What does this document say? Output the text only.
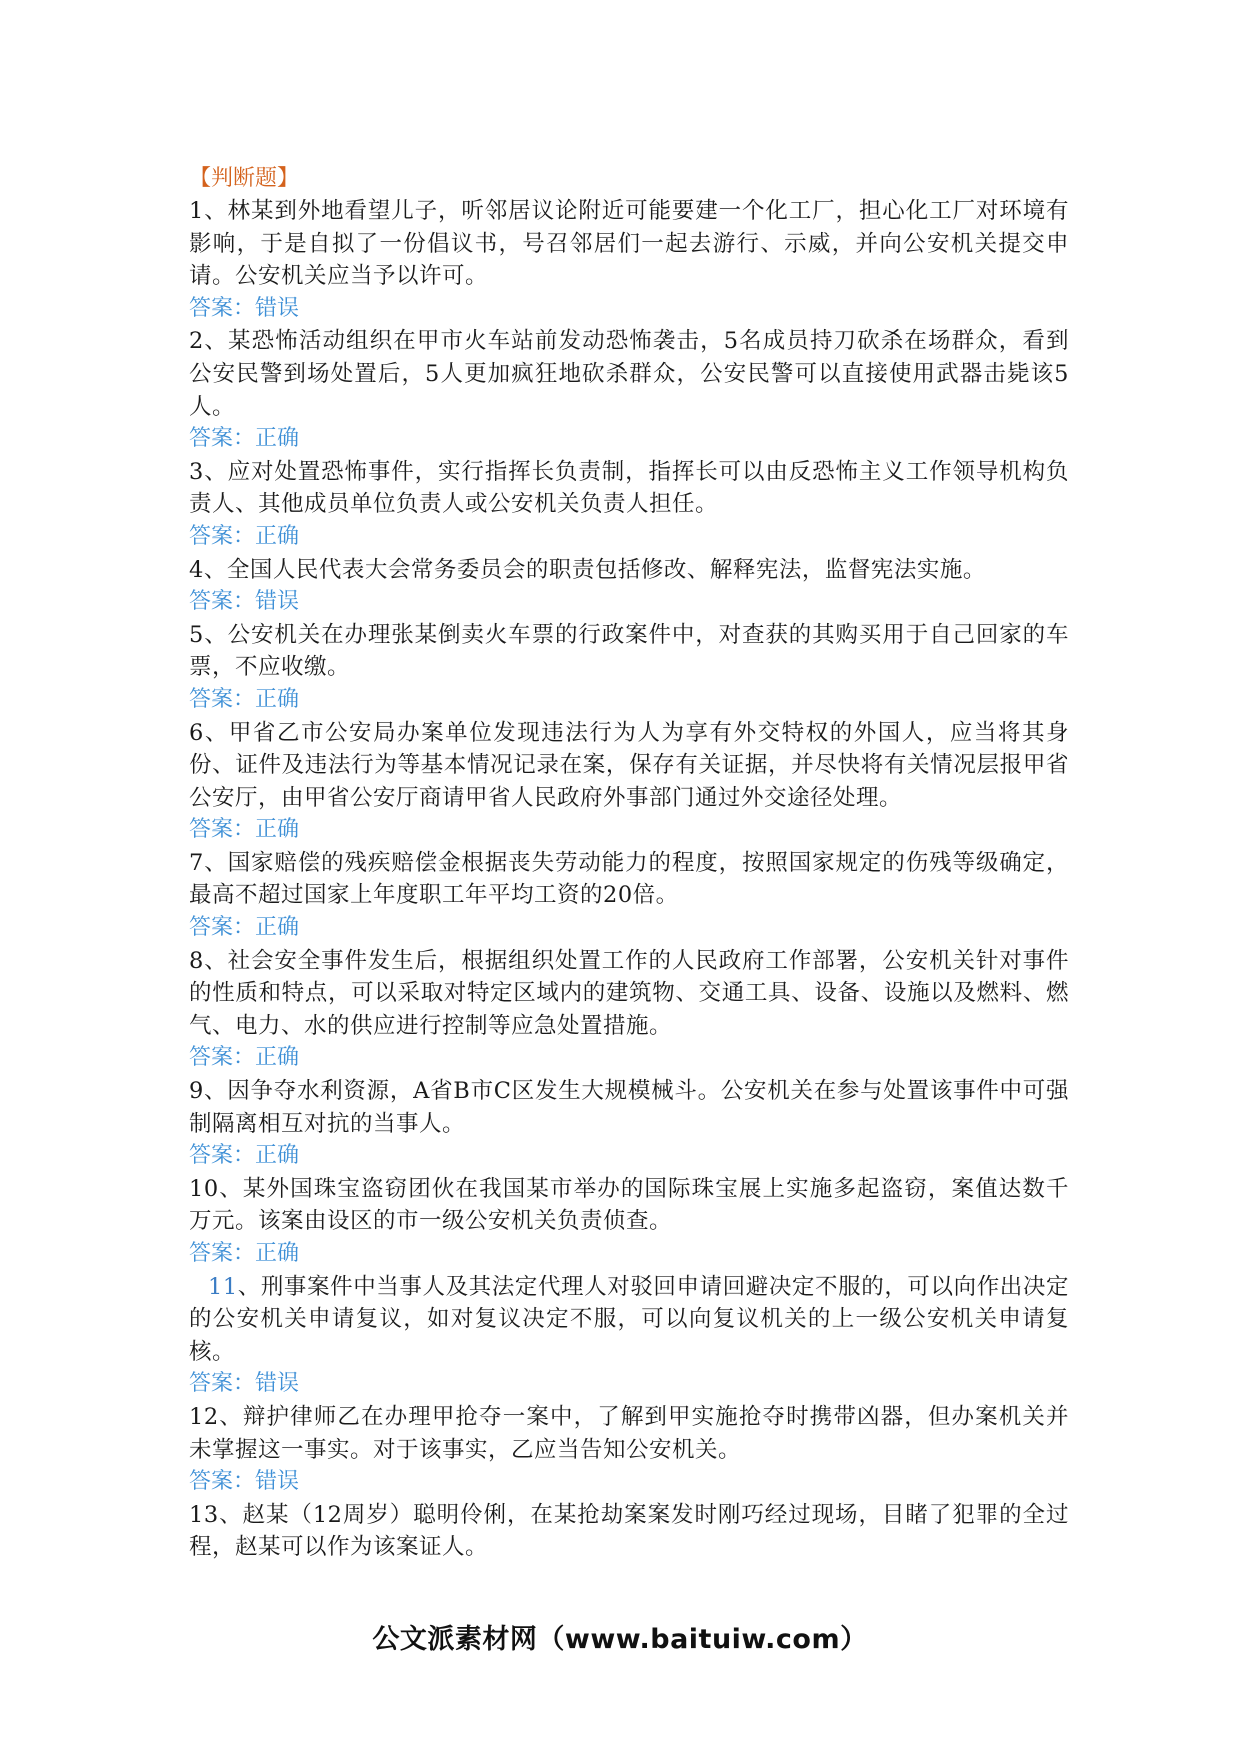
【判断题】

1、林某到外地看望儿子，听邻居议论附近可能要建一个化工厂，担心化工厂对环境有影响，于是自拟了一份倡议书，号召邻居们一起去游行、示威，并向公安机关提交申请。公安机关应当予以许可。

答案：错误

2、某恐怖活动组织在甲市火车站前发动恐怖袭击，5名成员持刀砍杀在场群众，看到公安民警到场处置后，5人更加疯狂地砍杀群众，公安民警可以直接使用武器击毙该5人。

答案：正确

3、应对处置恐怖事件，实行指挥长负责制，指挥长可以由反恐怖主义工作领导机构负责人、其他成员单位负责人或公安机关负责人担任。

答案：正确

4、全国人民代表大会常务委员会的职责包括修改、解释宪法，监督宪法实施。

答案：错误

5、公安机关在办理张某倒卖火车票的行政案件中，对查获的其购买用于自己回家的车票，不应收缴。

答案：正确

6、甲省乙市公安局办案单位发现违法行为人为享有外交特权的外国人，应当将其身份、证件及违法行为等基本情况记录在案，保存有关证据，并尽快将有关情况层报甲省公安厅，由甲省公安厅商请甲省人民政府外事部门通过外交途径处理。

答案：正确

7、国家赔偿的残疾赔偿金根据丧失劳动能力的程度，按照国家规定的伤残等级确定，最高不超过国家上年度职工年平均工资的20倍。

答案：正确

8、社会安全事件发生后，根据组织处置工作的人民政府工作部署，公安机关针对事件的性质和特点，可以采取对特定区域内的建筑物、交通工具、设备、设施以及燃料、燃气、电力、水的供应进行控制等应急处置措施。

答案：正确

9、因争夺水利资源，A省B市C区发生大规模械斗。公安机关在参与处置该事件中可强制隔离相互对抗的当事人。

答案：正确

10、某外国珠宝盗窃团伙在我国某市举办的国际珠宝展上实施多起盗窃，案值达数千万元。该案由设区的市一级公安机关负责侦查。

答案：正确

11、刑事案件中当事人及其法定代理人对驳回申请回避决定不服的，可以向作出决定的公安机关申请复议，如对复议决定不服，可以向复议机关的上一级公安机关申请复核。

答案：错误

12、辩护律师乙在办理甲抢夺一案中，了解到甲实施抢夺时携带凶器，但办案机关并未掌握这一事实。对于该事实，乙应当告知公安机关。

答案：错误

13、赵某（12周岁）聪明伶俐，在某抢劫案案发时刚巧经过现场，目睹了犯罪的全过程，赵某可以作为该案证人。

公文派素材网（www.baituiw.com）
